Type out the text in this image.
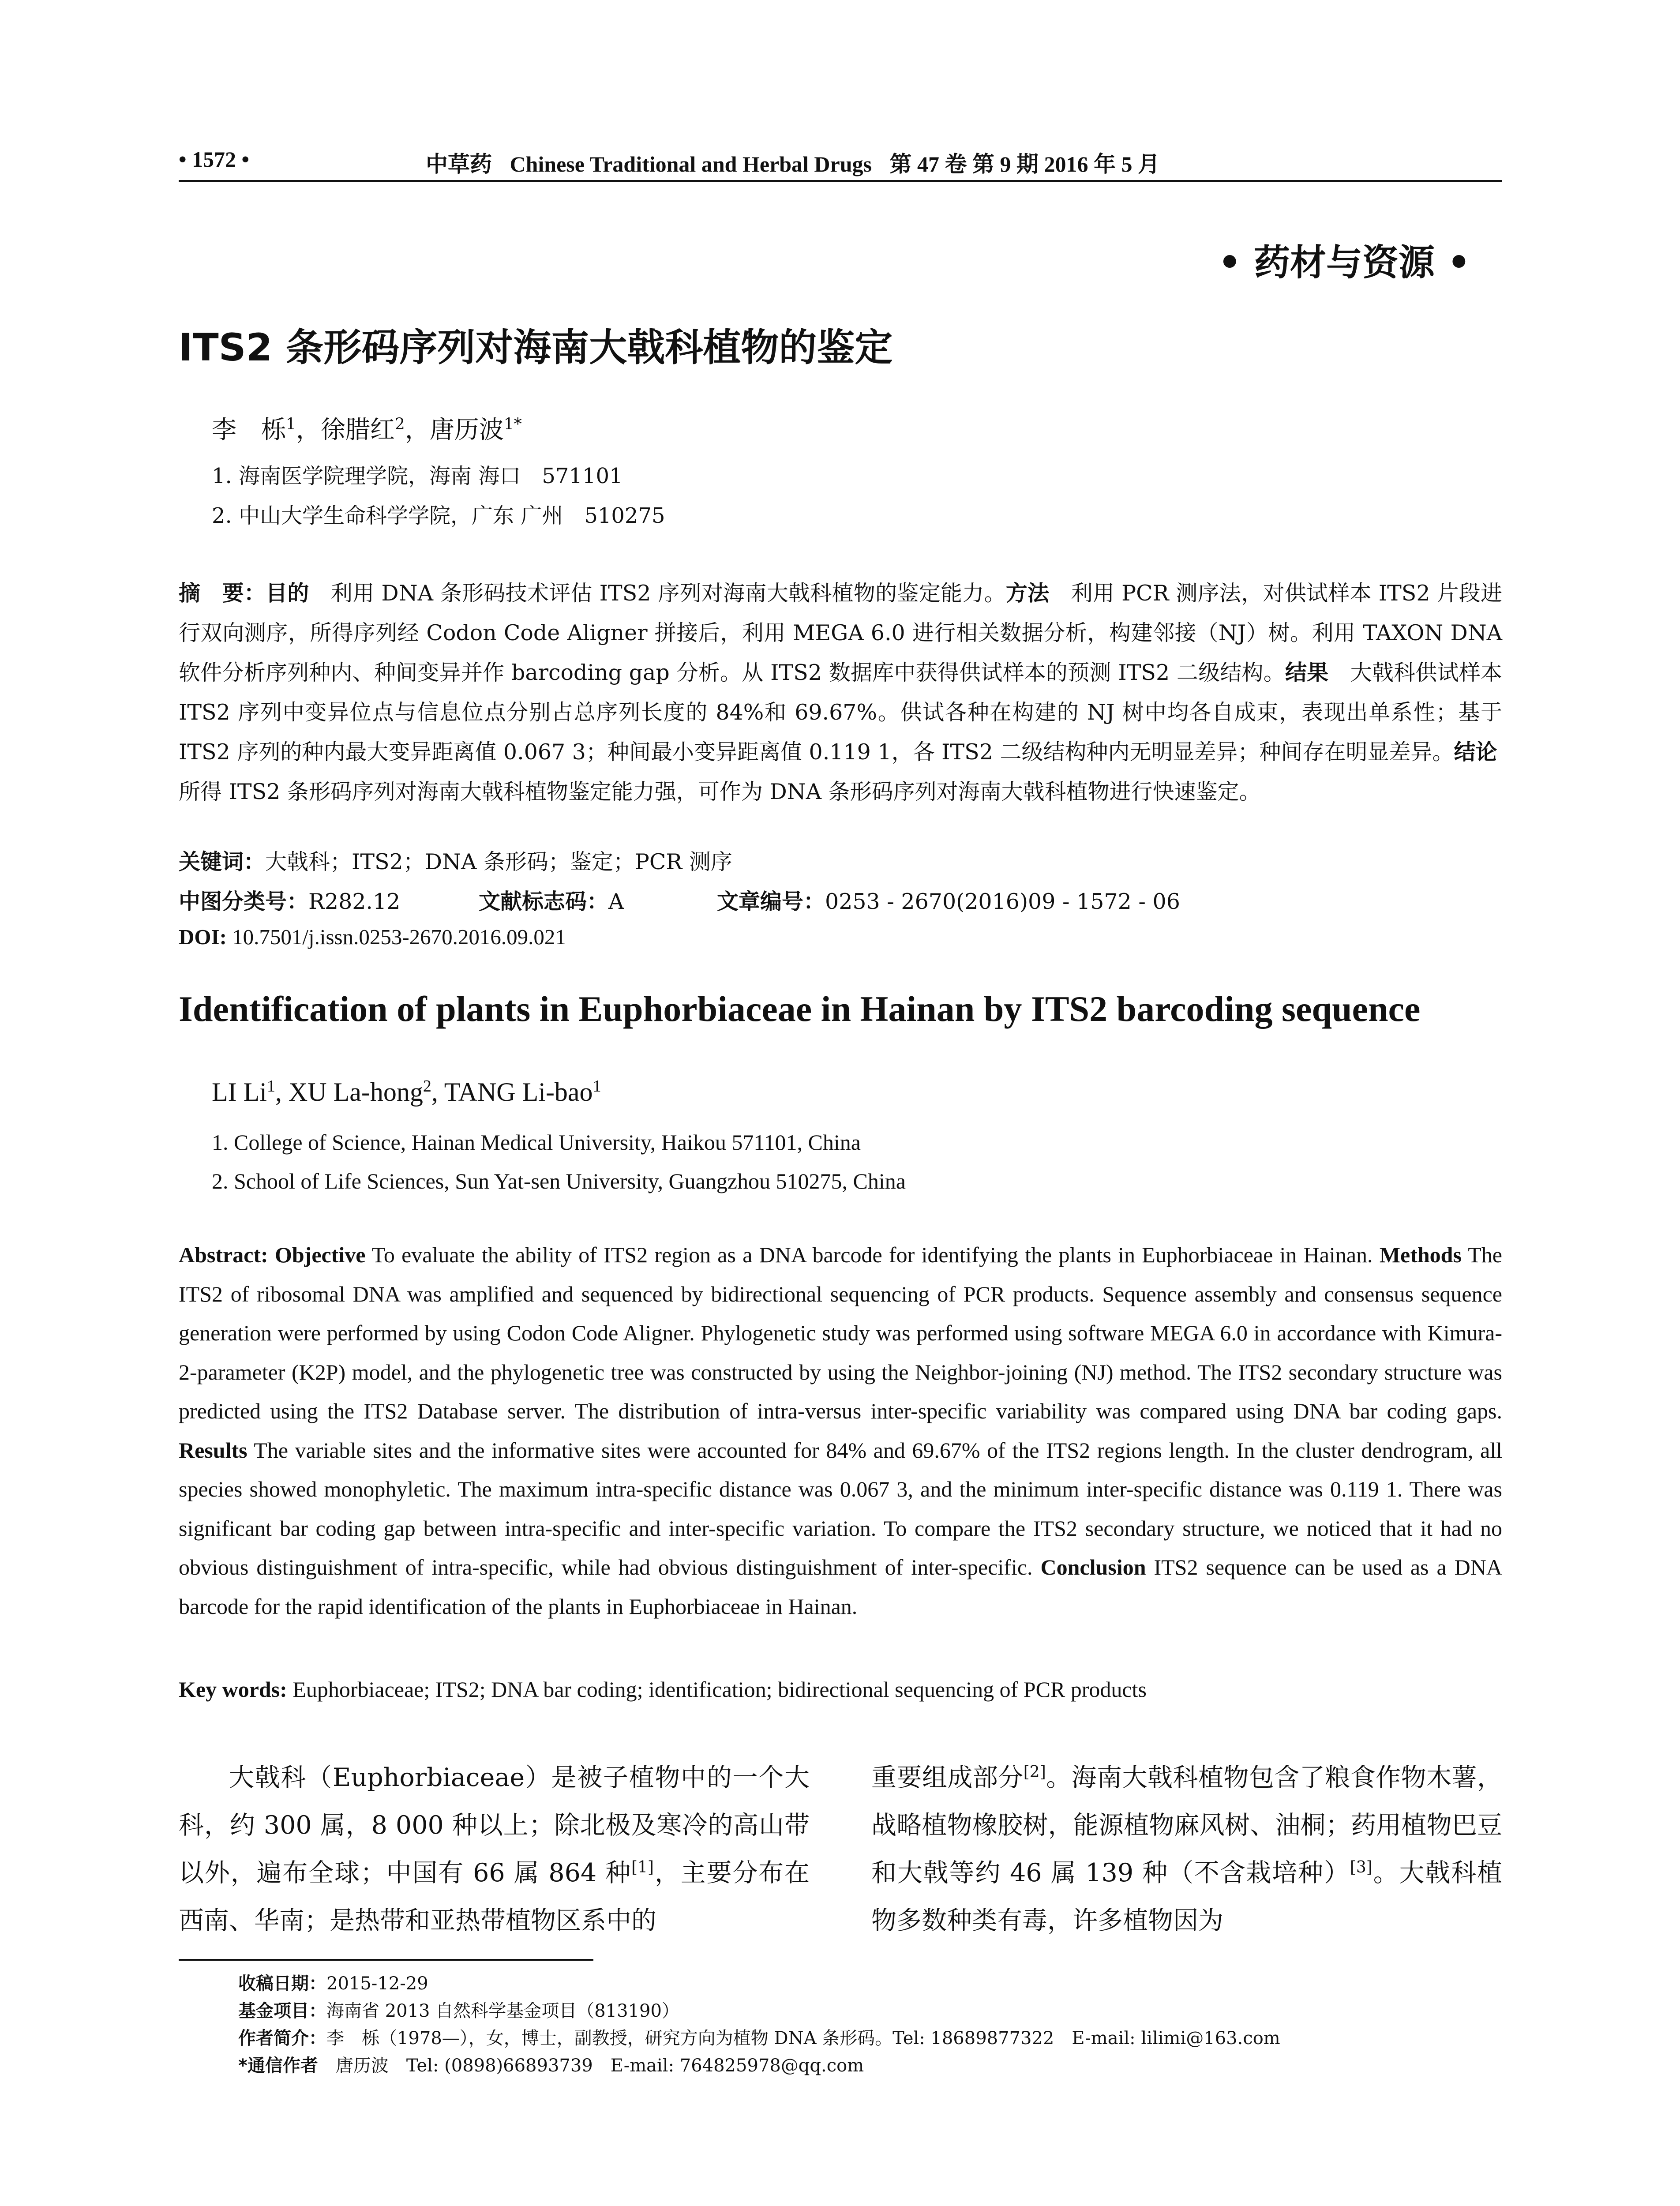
• 1572 •	中草药 Chinese Traditional and Herbal Drugs 第 47 卷 第 9 期 2016 年 5 月
• 药材与资源 •
ITS2 条形码序列对海南大戟科植物的鉴定
李　栎$^1$，徐腊红$^2$，唐历波$^{1*}$
1. 海南医学院理学院，海南 海口　571101
2. 中山大学生命科学学院，广东 广州　510275
摘　要：目的　利用 DNA 条形码技术评估 ITS2 序列对海南大戟科植物的鉴定能力。方法　利用 PCR 测序法，对供试样本 ITS2 片段进行双向测序，所得序列经 Codon Code Aligner 拼接后，利用 MEGA 6.0 进行相关数据分析，构建邻接（NJ）树。利用 TAXON DNA 软件分析序列种内、种间变异并作 barcoding gap 分析。从 ITS2 数据库中获得供试样本的预测 ITS2 二级结构。结果　大戟科供试样本 ITS2 序列中变异位点与信息位点分别占总序列长度的 84%和 69.67%。供试各种在构建的 NJ 树中均各自成束，表现出单系性；基于 ITS2 序列的种内最大变异距离值 0.067 3；种间最小变异距离值 0.119 1，各 ITS2 二级结构种内无明显差异；种间存在明显差异。结论　所得 ITS2 条形码序列对海南大戟科植物鉴定能力强，可作为 DNA 条形码序列对海南大戟科植物进行快速鉴定。
关键词：大戟科；ITS2；DNA 条形码；鉴定；PCR 测序
中图分类号：R282.12	文献标志码：A	文章编号：0253 - 2670(2016)09 - 1572 - 06
DOI: 10.7501/j.issn.0253-2670.2016.09.021
Identification of plants in Euphorbiaceae in Hainan by ITS2 barcoding sequence
LI Li$^1$, XU La-hong$^2$, TANG Li-bao$^1$
1. College of Science, Hainan Medical University, Haikou 571101, China
2. School of Life Sciences, Sun Yat-sen University, Guangzhou 510275, China
Abstract: Objective To evaluate the ability of ITS2 region as a DNA barcode for identifying the plants in Euphorbiaceae in Hainan. Methods The ITS2 of ribosomal DNA was amplified and sequenced by bidirectional sequencing of PCR products. Sequence assembly and consensus sequence generation were performed by using Codon Code Aligner. Phylogenetic study was performed using software MEGA 6.0 in accordance with Kimura-2-parameter (K2P) model, and the phylogenetic tree was constructed by using the Neighbor-joining (NJ) method. The ITS2 secondary structure was predicted using the ITS2 Database server. The distribution of intra-versus inter-specific variability was compared using DNA bar coding gaps. Results The variable sites and the informative sites were accounted for 84% and 69.67% of the ITS2 regions length. In the cluster dendrogram, all species showed monophyletic. The maximum intra-specific distance was 0.067 3, and the minimum inter-specific distance was 0.119 1. There was significant bar coding gap between intra-specific and inter-specific variation. To compare the ITS2 secondary structure, we noticed that it had no obvious distinguishment of intra-specific, while had obvious distinguishment of inter-specific. Conclusion ITS2 sequence can be used as a DNA barcode for the rapid identification of the plants in Euphorbiaceae in Hainan.
Key words: Euphorbiaceae; ITS2; DNA bar coding; identification; bidirectional sequencing of PCR products
大戟科（Euphorbiaceae）是被子植物中的一个大科，约 300 属，8 000 种以上；除北极及寒冷的高山带以外，遍布全球；中国有 66 属 864 种[1]，主要分布在西南、华南；是热带和亚热带植物区系中的
重要组成部分[2]。海南大戟科植物包含了粮食作物木薯，战略植物橡胶树，能源植物麻风树、油桐；药用植物巴豆和大戟等约 46 属 139 种（不含栽培种）[3]。大戟科植物多数种类有毒，许多植物因为
收稿日期：2015-12-29
基金项目：海南省 2013 自然科学基金项目（813190）
作者简介：李　栎（1978—），女，博士，副教授，研究方向为植物 DNA 条形码。Tel: 18689877322　E-mail: lilimi@163.com
*通信作者　唐历波　Tel: (0898)66893739　E-mail: 764825978@qq.com
